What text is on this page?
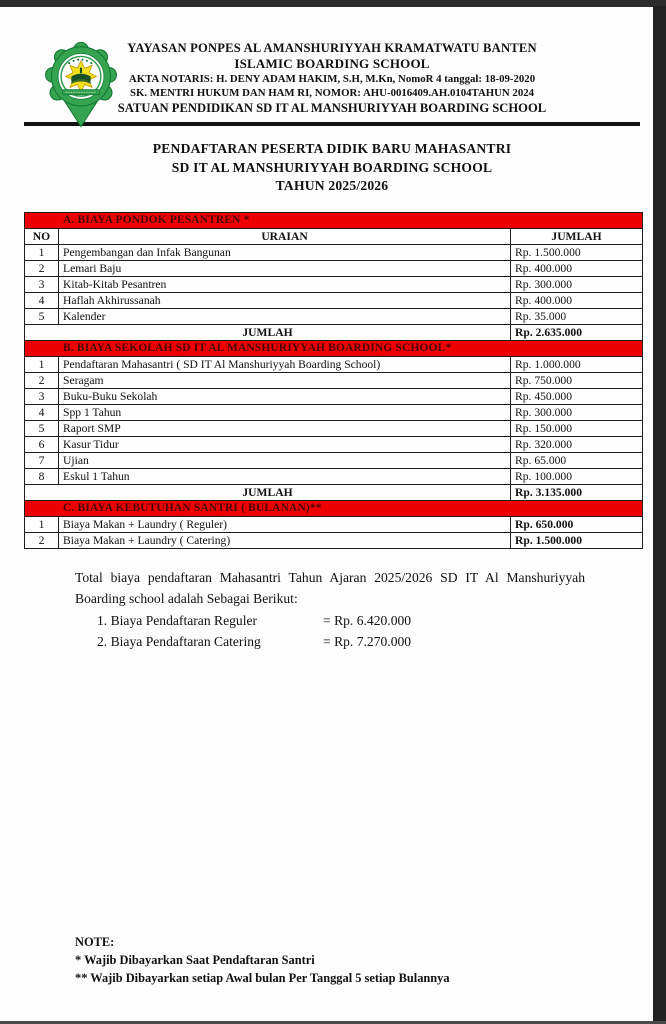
YAYASAN PONPES AL AMANSHURIYYAH KRAMATWATU BANTEN
ISLAMIC BOARDING SCHOOL
AKTA NOTARIS: H. DENY ADAM HAKIM, S.H, M.Kn, NomoR 4 tanggal: 18-09-2020
SK. MENTRI HUKUM DAN HAM RI, NOMOR: AHU-0016409.AH.0104TAHUN 2024
SATUAN PENDIDIKAN SD IT AL MANSHURIYYAH BOARDING SCHOOL
PENDAFTARAN PESERTA DIDIK BARU MAHASANTRI
SD IT AL MANSHURIYYAH BOARDING SCHOOL
TAHUN 2025/2026
A. BIAYA PONDOK PESANTREN *		
NO	URAIAN	JUMLAH
1	Pengembangan dan Infak Bangunan	Rp. 1.500.000
2	Lemari Baju	Rp. 400.000
3	Kitab-Kitab Pesantren	Rp. 300.000
4	Haflah Akhirussanah	Rp. 400.000
5	Kalender	Rp. 35.000
JUMLAH		Rp. 2.635.000
B. BIAYA SEKOLAH SD IT AL MANSHURIYYAH BOARDING SCHOOL*		
1	Pendaftaran Mahasantri ( SD IT Al Manshuriyyah Boarding School)	Rp. 1.000.000
2	Seragam	Rp. 750.000
3	Buku-Buku Sekolah	Rp. 450.000
4	Spp 1 Tahun	Rp. 300.000
5	Raport SMP	Rp. 150.000
6	Kasur Tidur	Rp. 320.000
7	Ujian	Rp. 65.000
8	Eskul 1 Tahun	Rp. 100.000
JUMLAH		Rp. 3.135.000
C. BIAYA KEBUTUHAN SANTRI ( BULANAN)**		
1	Biaya Makan + Laundry ( Reguler)	Rp. 650.000
2	Biaya Makan + Laundry ( Catering)	Rp. 1.500.000
Total biaya pendaftaran Mahasantri Tahun Ajaran 2025/2026 SD IT Al Manshuriyyah Boarding school adalah Sebagai Berikut:
1. Biaya Pendaftaran Reguler	= Rp. 6.420.000
2. Biaya Pendaftaran Catering	= Rp. 7.270.000
NOTE:
* Wajib Dibayarkan Saat Pendaftaran Santri
** Wajib Dibayarkan setiap Awal bulan Per Tanggal 5 setiap Bulannya
